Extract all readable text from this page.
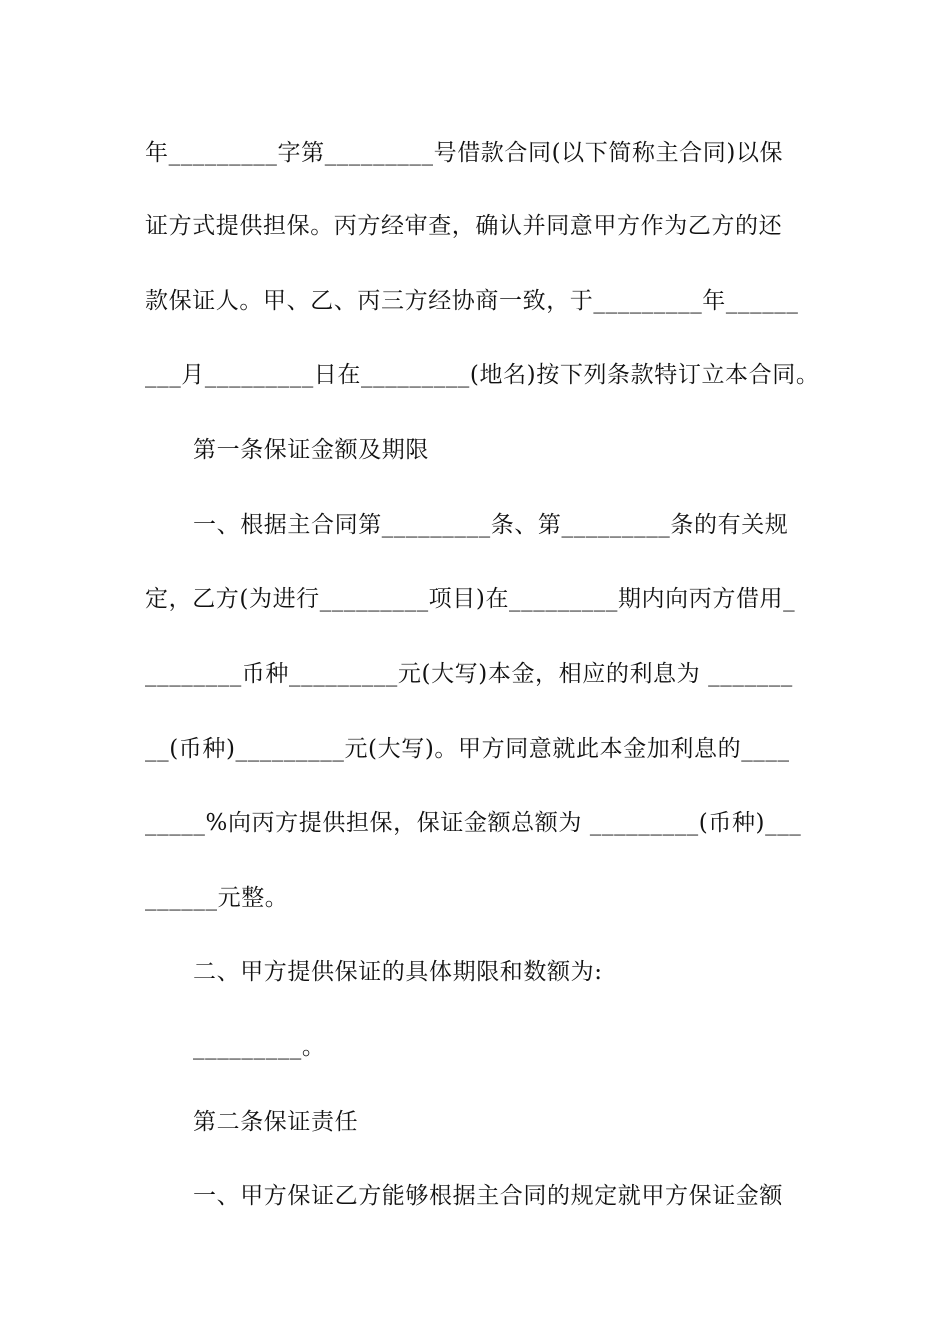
年_________字第_________号借款合同(以下简称主合同)以保
证方式提供担保。丙方经审查，确认并同意甲方作为乙方的还
款保证人。甲、乙、丙三方经协商一致，于_________年______
___月_________日在_________(地名)按下列条款特订立本合同。
第一条保证金额及期限
一、根据主合同第_________条、第_________条的有关规
定，乙方(为进行_________项目)在_________期内向丙方借用_
________币种_________元(大写)本金，相应的利息为 _______
__(币种)_________元(大写)。甲方同意就此本金加利息的____
_____%向丙方提供担保，保证金额总额为 _________(币种)___
______元整。
二、甲方提供保证的具体期限和数额为:
_________。
第二条保证责任
一、甲方保证乙方能够根据主合同的规定就甲方保证金额
